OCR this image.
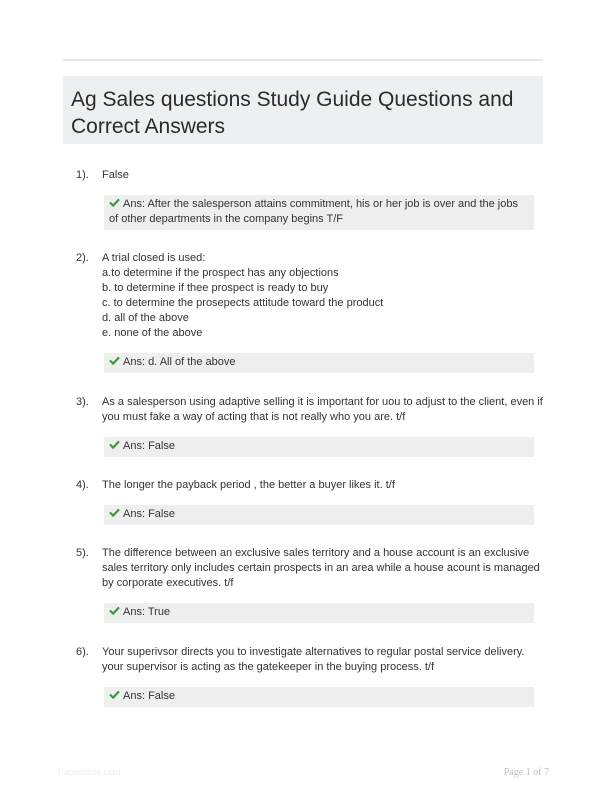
Ag Sales questions Study Guide Questions and Correct Answers
1). False
Ans: After the salesperson attains commitment, his or her job is over and the jobs of other departments in the company begins T/F
2). A trial closed is used:
a.to determine if the prospect has any objections
b. to determine if thee prospect is ready to buy
c. to determine the prosepects attitude toward the product
d. all of the above
e. none of the above
Ans: d. All of the above
3). As a salesperson using adaptive selling it is important for uou to adjust to the client, even if you must fake a way of acting that is not really who you are. t/f
Ans: False
4). The longer the payback period , the better a buyer likes it. t/f
Ans: False
5). The difference between an exclusive sales territory and a house account is an exclusive sales territory only includes certain prospects in an area while a house acount is managed by corporate executives. t/f
Ans: True
6). Your superivsor directs you to investigate alternatives to regular postal service delivery. your supervisor is acting as the gatekeeper in the buying process. t/f
Ans: False
Paperbible.com	Page 1 of 7
